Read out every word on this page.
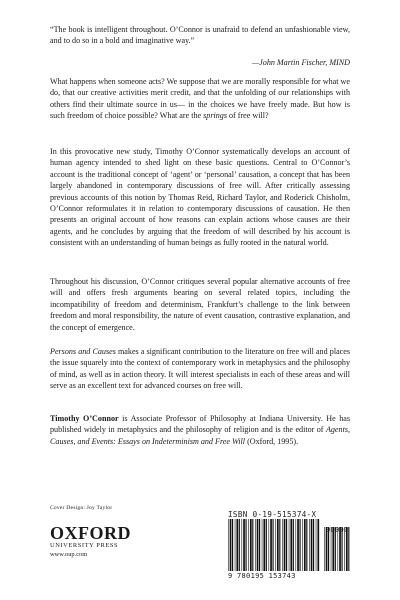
“The book is intelligent throughout. O’Connor is unafraid to defend an unfashionable view, and to do so in a bold and imaginative way.”
—John Martin Fischer, MIND
What happens when someone acts? We suppose that we are morally responsible for what we do, that our creative activities merit credit, and that the unfolding of our relationships with others find their ultimate source in us— in the choices we have freely made. But how is such freedom of choice possible? What are the springs of free will?
In this provocative new study, Timothy O’Connor systematically develops an account of human agency intended to shed light on these basic questions. Central to O’Connor’s account is the traditional concept of ‘agent’ or ‘personal’ causation, a concept that has been largely abandoned in contemporary discussions of free will. After critically assessing previous accounts of this notion by Thomas Reid, Richard Taylor, and Roderick Chisholm, O’Connor reformulates it in relation to contemporary discussions of causation. He then presents an original account of how reasons can explain actions whose causes are their agents, and he concludes by arguing that the freedom of will described by his account is consistent with an understanding of human beings as fully rooted in the natural world.
Throughout his discussion, O’Connor critiques several popular alternative accounts of free will and offers fresh arguments bearing on several related topics, including the incompatibility of freedom and determinism, Frankfurt’s challenge to the link between freedom and moral responsibility, the nature of event causation, contrastive explanation, and the concept of emergence.
Persons and Causes makes a significant contribution to the literature on free will and places the issue squarely into the context of contemporary work in metaphysics and the philosophy of mind, as well as in action theory. It will interest specialists in each of these areas and will serve as an excellent text for advanced courses on free will.
Timothy O’Connor is Associate Professor of Philosophy at Indiana University. He has published widely in metaphysics and the philosophy of religion and is the editor of Agents, Causes, and Events: Essays on Indeterminism and Free Will (Oxford, 1995).
Cover Design: Joy Taylor
OXFORD
UNIVERSITY PRESS
www.oup.com
ISBN 0-19-515374-X
90000
9 780195 153743
